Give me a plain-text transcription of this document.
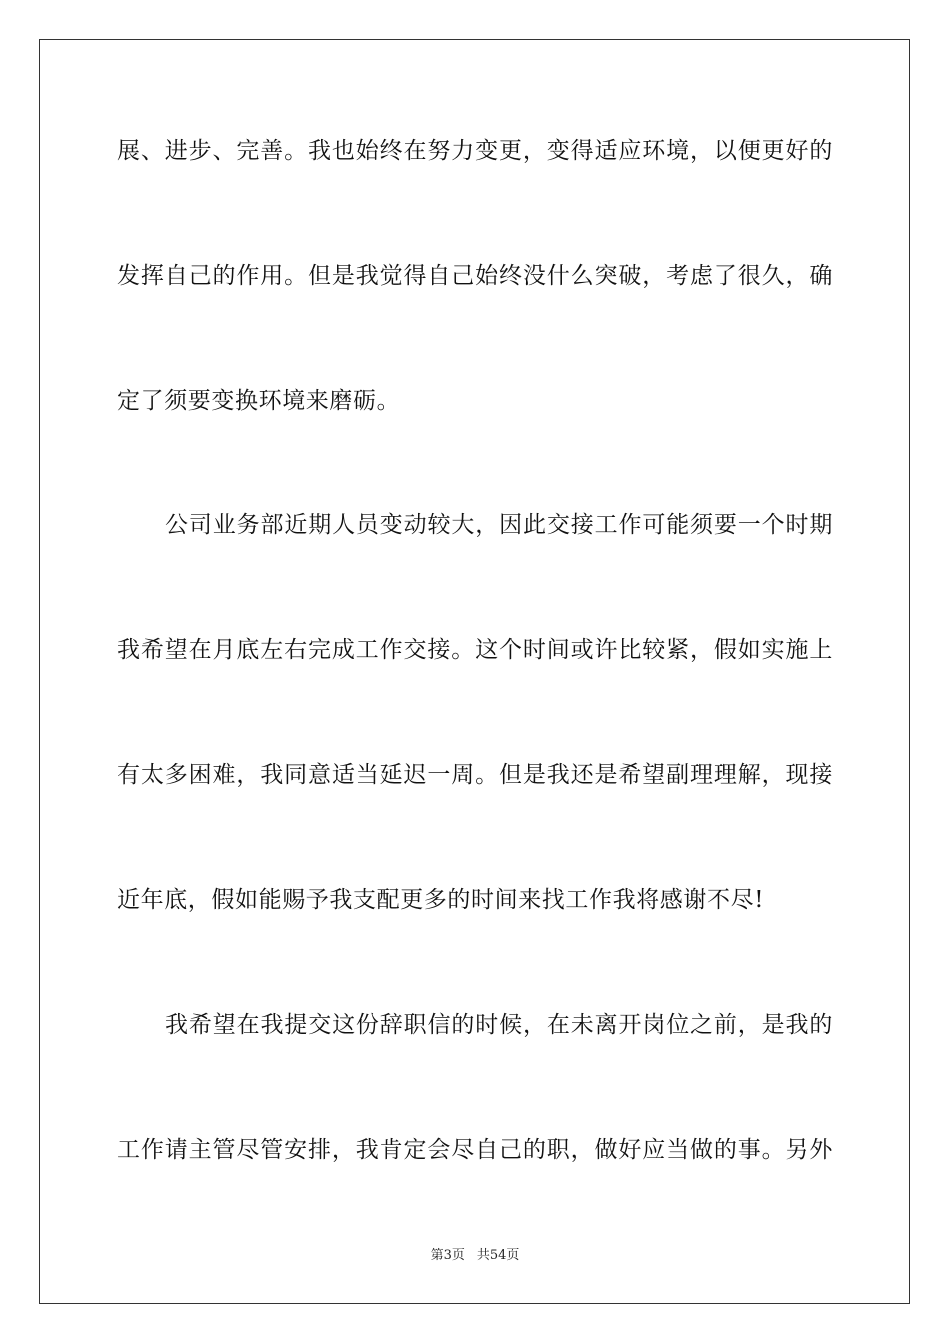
展、进步、完善。我也始终在努力变更，变得适应环境，以便更好的
发挥自己的作用。但是我觉得自己始终没什么突破，考虑了很久，确
定了须要变换环境来磨砺。
公司业务部近期人员变动较大，因此交接工作可能须要一个时期
我希望在月底左右完成工作交接。这个时间或许比较紧，假如实施上
有太多困难，我同意适当延迟一周。但是我还是希望副理理解，现接
近年底，假如能赐予我支配更多的时间来找工作我将感谢不尽!
我希望在我提交这份辞职信的时候，在未离开岗位之前，是我的
工作请主管尽管安排，我肯定会尽自己的职，做好应当做的事。另外
第3页 共54页
